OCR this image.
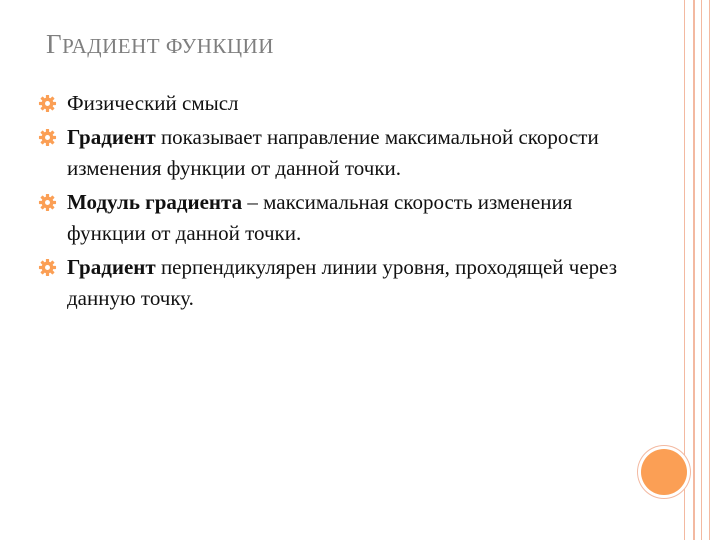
ГРАДИЕНТ ФУНКЦИИ
Физический смысл
Градиент показывает направление максимальной скорости изменения функции от данной точки.
Модуль градиента – максимальная скорость изменения функции от данной точки.
Градиент перпендикулярен линии уровня, проходящей через данную точку.
